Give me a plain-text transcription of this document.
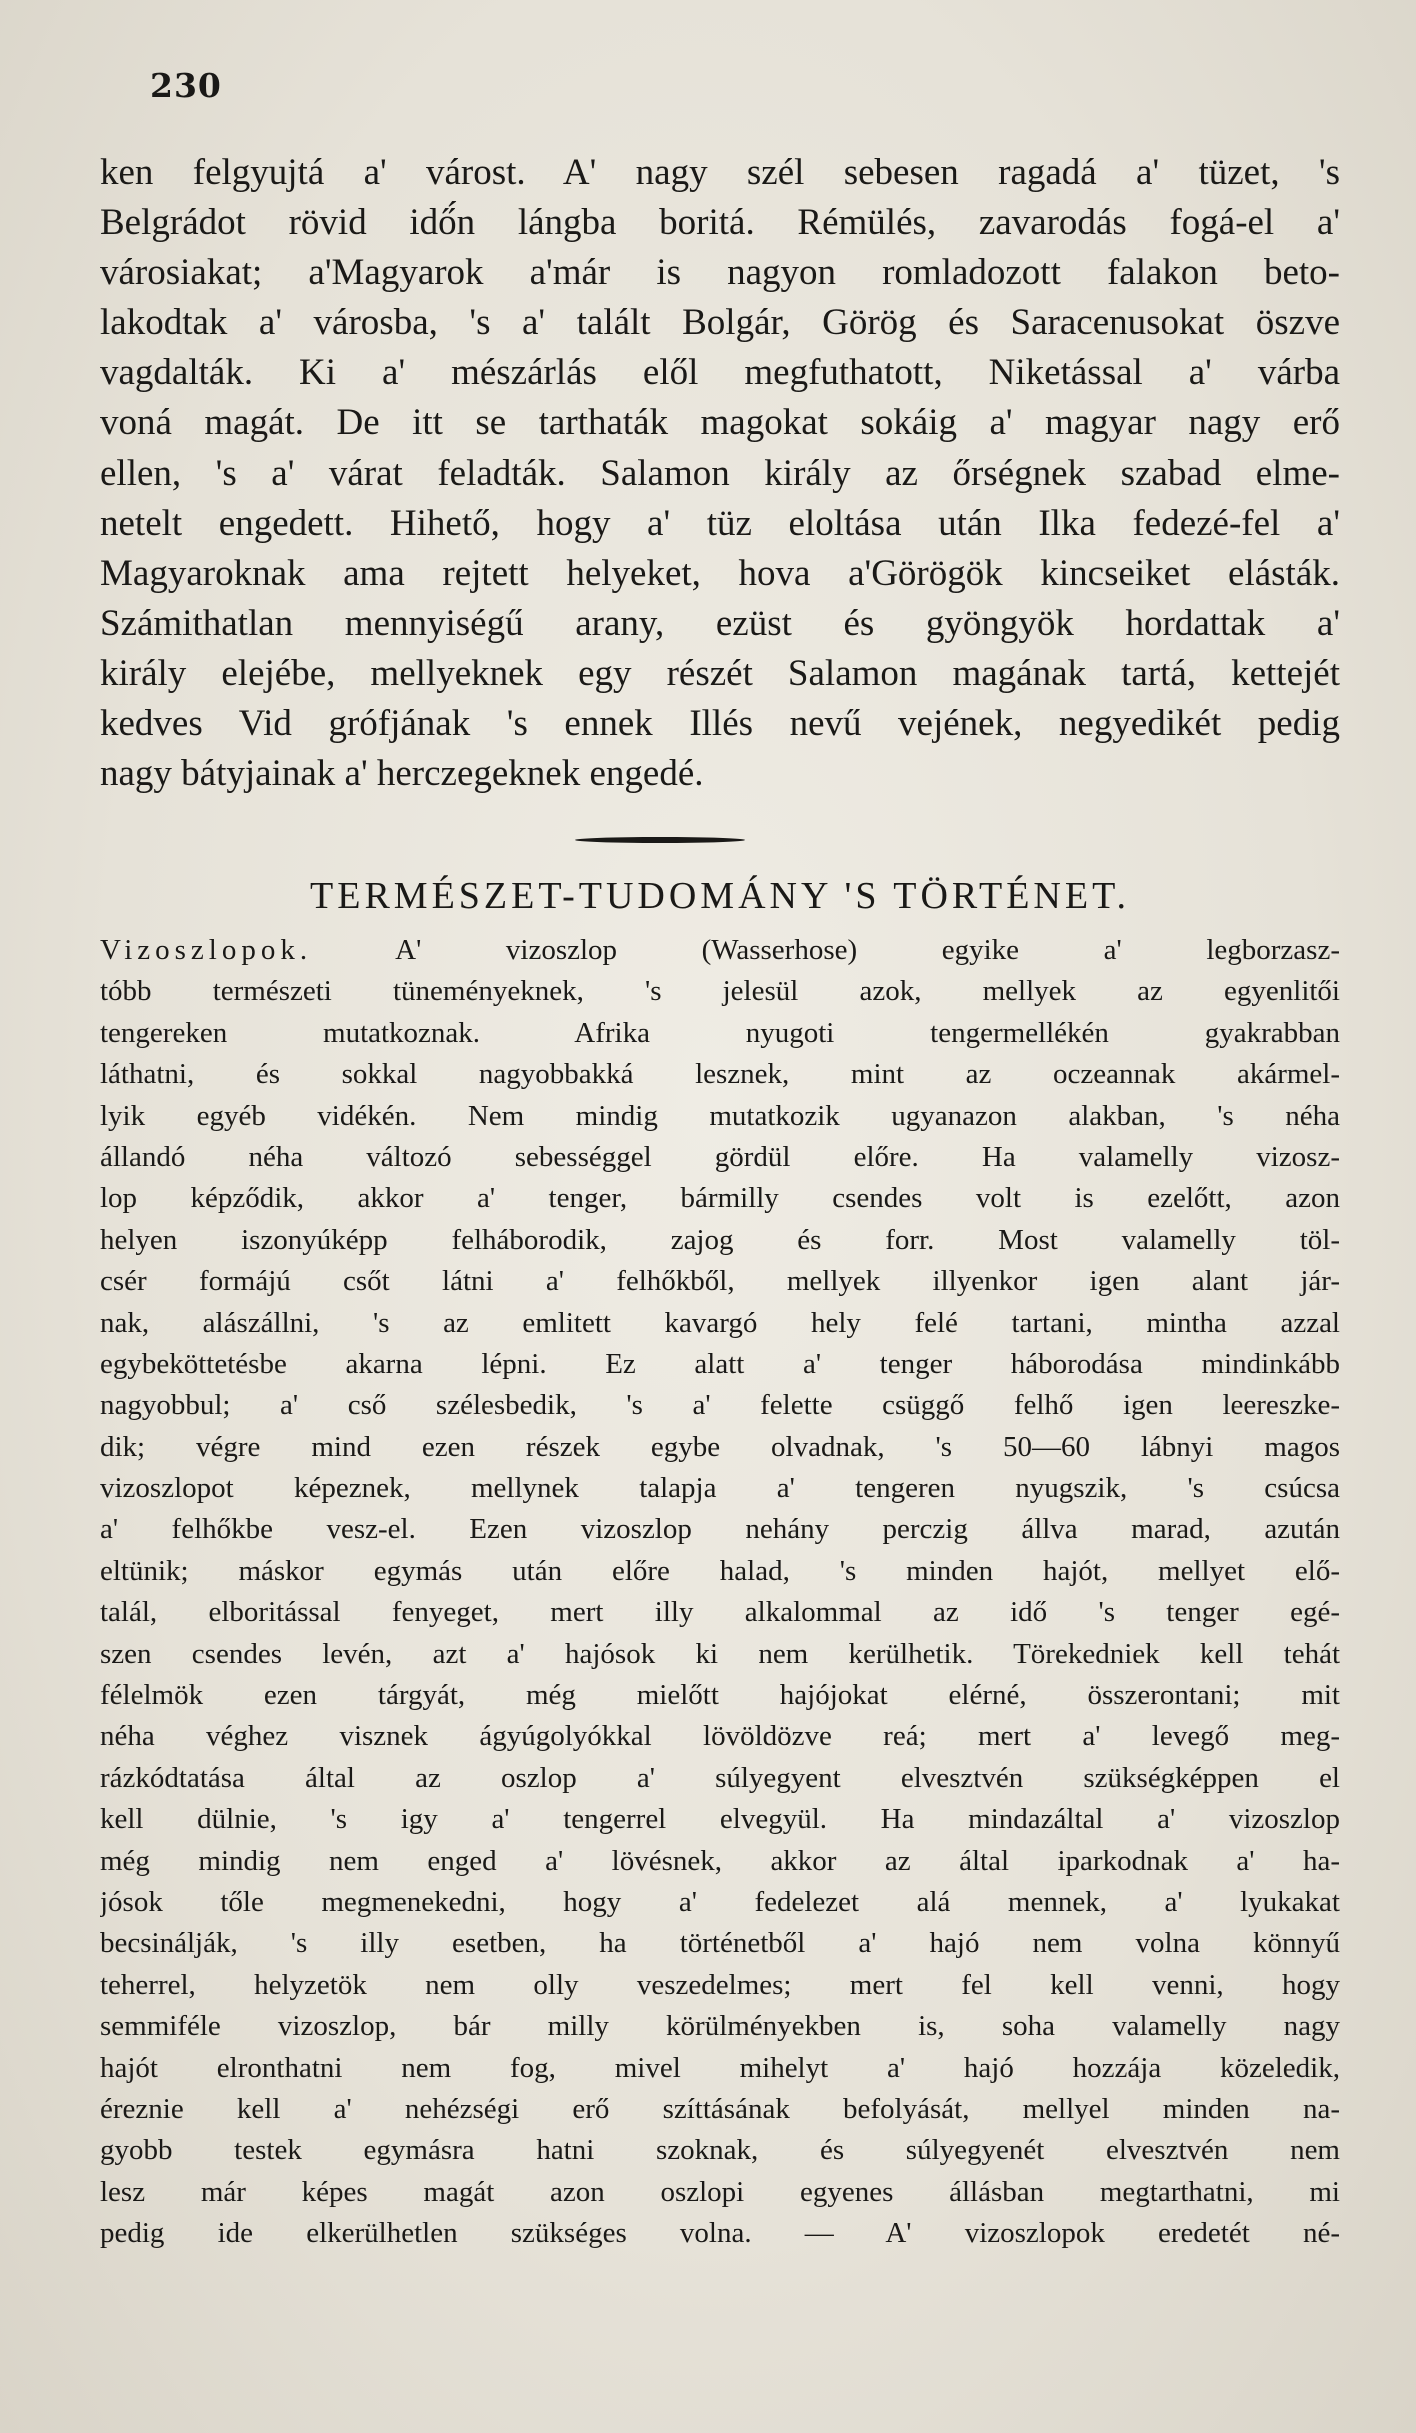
230
ken felgyujtá a' várost. A' nagy szél sebesen ragadá a' tüzet, 's
Belgrádot rövid idő́n lángba boritá. Rémülés, zavarodás fogá-el a'
városiakat; a'Magyarok a'már is nagyon romladozott falakon beto-
lakodtak a' városba, 's a' talált Bolgár, Görög és Saracenusokat öszve
vagdalták. Ki a' mészárlás elől megfuthatott, Niketással a' várba
voná magát. De itt se tarthaták magokat sokáig a' magyar nagy erő
ellen, 's a' várat feladták. Salamon király az őrségnek szabad elme-
netelt engedett. Hihető, hogy a' tüz eloltása után Ilka fedezé-fel a'
Magyaroknak ama rejtett helyeket, hova a'Görögök kincseiket elásták.
Számithatlan mennyiségű arany, ezüst és gyöngyök hordattak a'
király elejébe, mellyeknek egy részét Salamon magának tartá, kettejét
kedves Vid grófjának 's ennek Illés nevű vejének, negyedikét pedig
nagy bátyjainak a' herczegeknek engedé.
TERMÉSZET-TUDOMÁNY 'S TÖRTÉNET.
Vizoszlopok.	A' vizoszlop (Wasserhose) egyike a' legborzasz-
tóbb természeti tüneményeknek, 's jelesül azok, mellyek az egyenlitői
tengereken mutatkoznak. Afrika nyugoti tengermellékén gyakrabban
láthatni, és sokkal nagyobbakká lesznek, mint az oczeannak akármel-
lyik egyéb vidékén. Nem mindig mutatkozik ugyanazon alakban, 's néha
állandó néha változó sebességgel gördül előre. Ha valamelly vizosz-
lop képződik, akkor a' tenger, bármilly csendes volt is ezelőtt, azon
helyen iszonyúképp felháborodik, zajog és forr. Most valamelly töl-
csér formájú csőt látni a' felhőkből, mellyek illyenkor igen alant jár-
nak, alászállni, 's az emlitett kavargó hely felé tartani, mintha azzal
egybeköttetésbe akarna lépni. Ez alatt a' tenger háborodása mindinkább
nagyobbul; a' cső szélesbedik, 's a' felette csüggő felhő igen leereszke-
dik; végre mind ezen részek egybe olvadnak, 's 50—60 lábnyi magos
vizoszlopot képeznek, mellynek talapja a' tengeren nyugszik, 's csúcsa
a' felhőkbe vesz-el. Ezen vizoszlop nehány perczig állva marad, azután
eltünik; máskor egymás után előre halad, 's minden hajót, mellyet elő-
talál, elboritással fenyeget, mert illy alkalommal az idő 's tenger egé-
szen csendes levén, azt a' hajósok ki nem kerülhetik. Törekedniek kell tehát
félelmök ezen tárgyát, még mielőtt hajójokat elérné, összerontani; mit
néha véghez visznek ágyúgolyókkal lövöldözve reá; mert a' levegő meg-
rázkódtatása által az oszlop a' súlyegyent elvesztvén szükségképpen el
kell dülnie, 's igy a' tengerrel elvegyül. Ha mindazáltal a' vizoszlop
még mindig nem enged a' lövésnek, akkor az által iparkodnak a' ha-
jósok tőle megmenekedni, hogy a' fedelezet alá mennek, a' lyukakat
becsinálják, 's illy esetben, ha történetből a' hajó nem volna könnyű
teherrel, helyzetök nem olly veszedelmes; mert fel kell venni, hogy
semmiféle vizoszlop, bár milly körülményekben is, soha valamelly nagy
hajót elronthatni nem fog, mivel mihelyt a' hajó hozzája közeledik,
éreznie kell a' nehézségi erő szíttásának befolyását, mellyel minden na-
gyobb testek egymásra hatni szoknak, és súlyegyenét elvesztvén nem
lesz már képes magát azon oszlopi egyenes állásban megtarthatni, mi
pedig ide elkerülhetlen szükséges volna. — A' vizoszlopok eredetét né-
